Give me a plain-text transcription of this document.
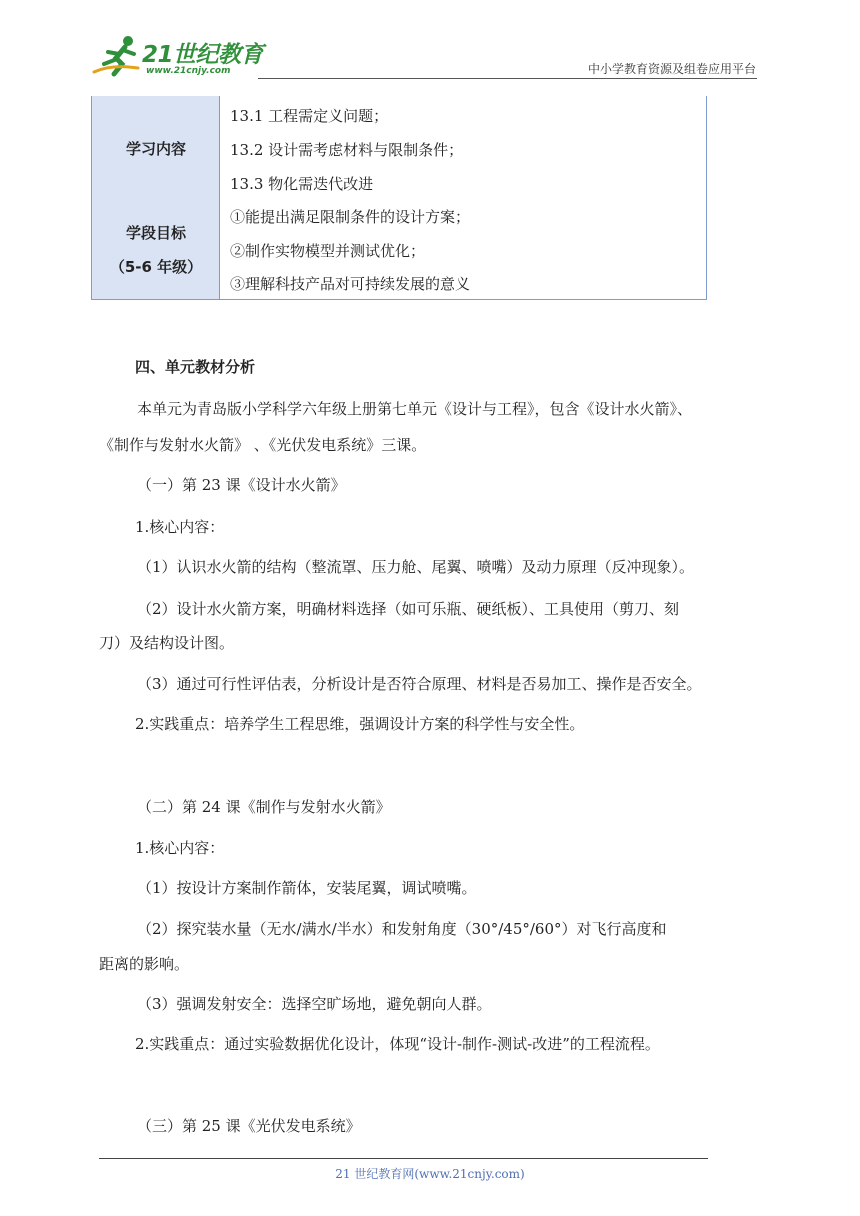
21世纪教育
www.21cnjy.com	中小学教育资源及组卷应用平台
学习内容
学段目标
（5-6 年级）
13.1 工程需定义问题；
13.2 设计需考虑材料与限制条件；
13.3 物化需迭代改进
①能提出满足限制条件的设计方案；
②制作实物模型并测试优化；
③理解科技产品对可持续发展的意义
四、单元教材分析
本单元为青岛版小学科学六年级上册第七单元《设计与工程》，包含《设计水火箭》、
《制作与发射水火箭》 、《光伏发电系统》三课。
（一）第 23 课《设计水火箭》
1.核心内容：
（1）认识水火箭的结构（整流罩、压力舱、尾翼、喷嘴）及动力原理（反冲现象）。
（2）设计水火箭方案，明确材料选择（如可乐瓶、硬纸板）、工具使用（剪刀、刻
刀）及结构设计图。
（3）通过可行性评估表，分析设计是否符合原理、材料是否易加工、操作是否安全。
2.实践重点：培养学生工程思维，强调设计方案的科学性与安全性。
（二）第 24 课《制作与发射水火箭》
1.核心内容：
（1）按设计方案制作箭体，安装尾翼，调试喷嘴。
（2）探究装水量（无水/满水/半水）和发射角度（30°/45°/60°）对飞行高度和
距离的影响。
（3）强调发射安全：选择空旷场地，避免朝向人群。
2.实践重点：通过实验数据优化设计，体现“设计-制作-测试-改进”的工程流程。
（三）第 25 课《光伏发电系统》
21 世纪教育网(www.21cnjy.com)
